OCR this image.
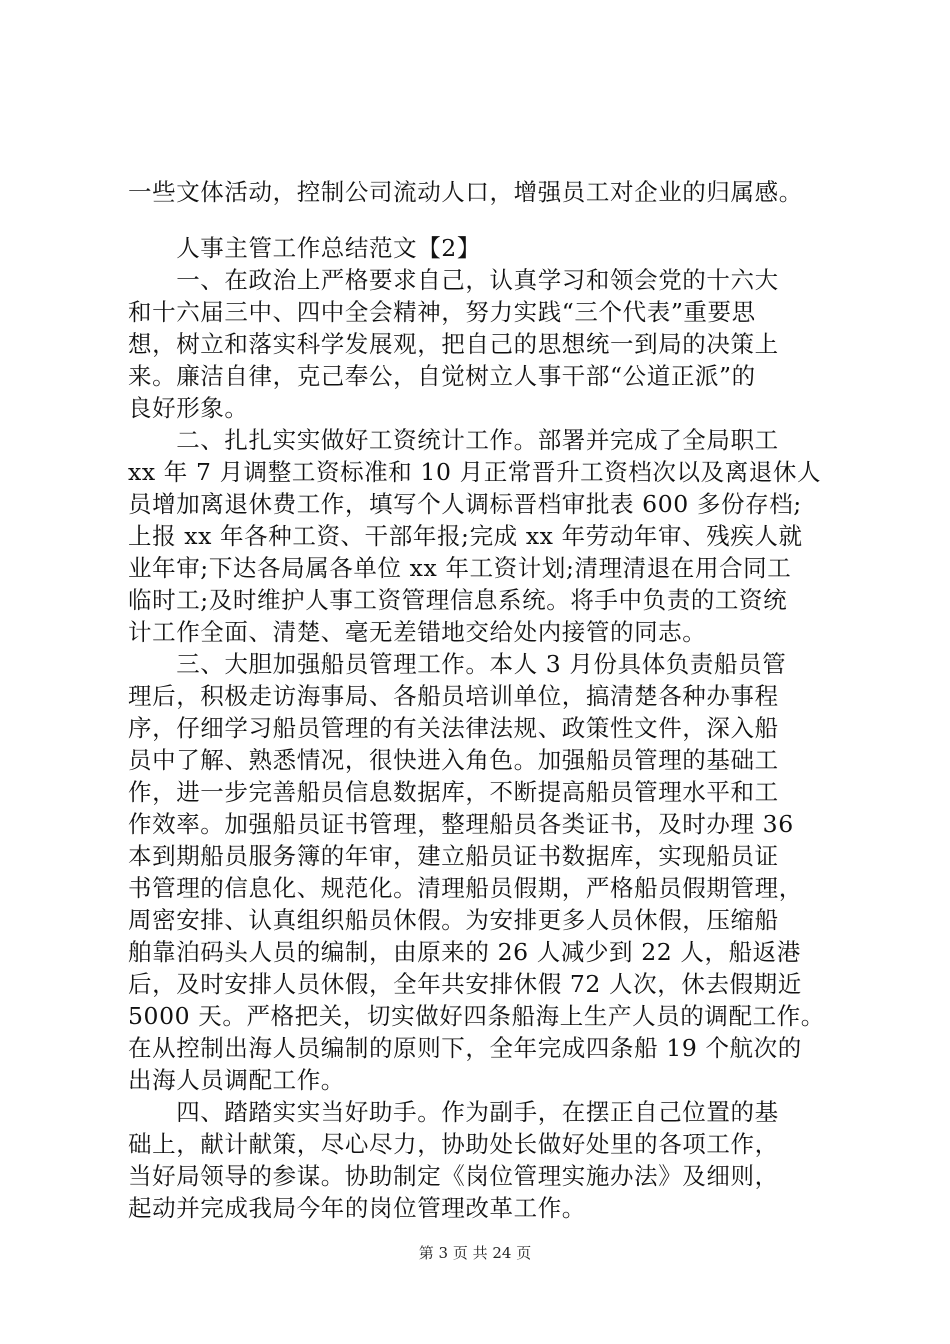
一些文体活动，控制公司流动人口，增强员工对企业的归属感。
　　人事主管工作总结范文【2】
　　一、在政治上严格要求自己，认真学习和领会党的十六大
和十六届三中、四中全会精神，努力实践“三个代表”重要思
想，树立和落实科学发展观，把自己的思想统一到局的决策上
来。廉洁自律，克己奉公，自觉树立人事干部“公道正派”的
良好形象。
　　二、扎扎实实做好工资统计工作。部署并完成了全局职工
xx 年 7 月调整工资标准和 10 月正常晋升工资档次以及离退休人
员增加离退休费工作，填写个人调标晋档审批表 600 多份存档;
上报 xx 年各种工资、干部年报;完成 xx 年劳动年审、残疾人就
业年审;下达各局属各单位 xx 年工资计划;清理清退在用合同工
临时工;及时维护人事工资管理信息系统。将手中负责的工资统
计工作全面、清楚、毫无差错地交给处内接管的同志。
　　三、大胆加强船员管理工作。本人 3 月份具体负责船员管
理后，积极走访海事局、各船员培训单位，搞清楚各种办事程
序，仔细学习船员管理的有关法律法规、政策性文件，深入船
员中了解、熟悉情况，很快进入角色。加强船员管理的基础工
作，进一步完善船员信息数据库，不断提高船员管理水平和工
作效率。加强船员证书管理，整理船员各类证书，及时办理 36
本到期船员服务簿的年审，建立船员证书数据库，实现船员证
书管理的信息化、规范化。清理船员假期，严格船员假期管理，
周密安排、认真组织船员休假。为安排更多人员休假，压缩船
舶靠泊码头人员的编制，由原来的 26 人减少到 22 人，船返港
后，及时安排人员休假，全年共安排休假 72 人次，休去假期近
5000 天。严格把关，切实做好四条船海上生产人员的调配工作。
在从控制出海人员编制的原则下，全年完成四条船 19 个航次的
出海人员调配工作。
　　四、踏踏实实当好助手。作为副手，在摆正自己位置的基
础上，献计献策，尽心尽力，协助处长做好处里的各项工作，
当好局领导的参谋。协助制定《岗位管理实施办法》及细则，
起动并完成我局今年的岗位管理改革工作。
第 3 页 共 24 页
